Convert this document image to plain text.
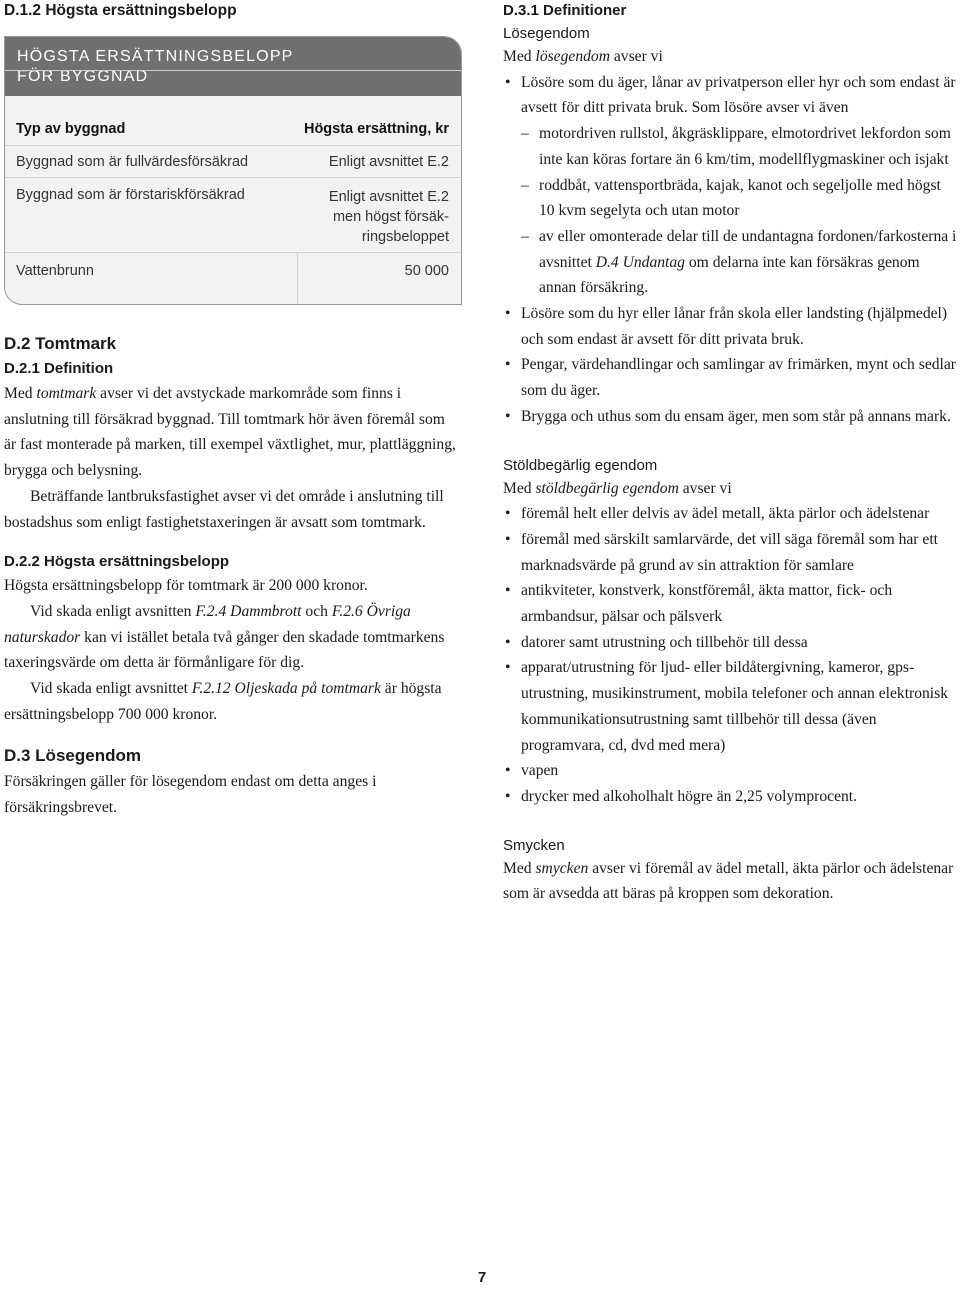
D.1.2 Högsta ersättningsbelopp
HÖGSTA ERSÄTTNINGSBELOPP
FÖR BYGGNAD
Typ av byggnad	Högsta ersättning, kr
Byggnad som är fullvärdesförsäkrad	Enligt avsnittet E.2
Byggnad som är förstariskförsäkrad	Enligt avsnittet E.2
men högst försäk-
ringsbeloppet
Vattenbrunn	50 000
D.2 Tomtmark
D.2.1 Definition

Med tomtmark avser vi det avstyckade markområde som finns i anslutning till försäkrad byggnad. Till tomtmark hör även föremål som är fast monterade på marken, till exempel växtlighet, mur, plattläggning, brygga och belysning.

Beträffande lantbruksfastighet avser vi det område i anslutning till bostadshus som enligt fastighetstaxeringen är avsatt som tomtmark.

D.2.2 Högsta ersättningsbelopp

Högsta ersättningsbelopp för tomtmark är 200 000 kronor.

Vid skada enligt avsnitten F.2.4 Dammbrott och F.2.6 Övriga naturskador kan vi istället betala två gånger den skadade tomtmarkens taxeringsvärde om detta är förmånligare för dig.

Vid skada enligt avsnittet F.2.12 Oljeskada på tomtmark är högsta ersättningsbelopp 700 000 kronor.

D.3 Lösegendom

Försäkringen gäller för lösegendom endast om detta anges i försäkringsbrevet.

D.3.1 Definitioner
Lösegendom

Med lösegendom avser vi

• Lösöre som du äger, lånar av privatperson eller hyr och som endast är avsett för ditt privata bruk. Som lösöre avser vi även
– motordriven rullstol, åkgräsklippare, elmotordrivet lekfordon som inte kan köras fortare än 6 km/tim, modellflygmaskiner och isjakt
– roddbåt, vattensportbräda, kajak, kanot och segeljolle med högst 10 kvm segelyta och utan motor
– av eller omonterade delar till de undantagna fordonen/farkosterna i avsnittet D.4 Undantag om delarna inte kan försäkras genom annan försäkring.
• Lösöre som du hyr eller lånar från skola eller landsting (hjälpmedel) och som endast är avsett för ditt privata bruk.
• Pengar, värdehandlingar och samlingar av frimärken, mynt och sedlar som du äger.
• Brygga och uthus som du ensam äger, men som står på annans mark.
Stöldbegärlig egendom

Med stöldbegärlig egendom avser vi

• föremål helt eller delvis av ädel metall, äkta pärlor och ädelstenar
• föremål med särskilt samlarvärde, det vill säga föremål som har ett marknadsvärde på grund av sin attraktion för samlare
• antikviteter, konstverk, konstföremål, äkta mattor, fick- och armbandsur, pälsar och pälsverk
• datorer samt utrustning och tillbehör till dessa
• apparat/utrustning för ljud- eller bildåtergivning, kameror, gps-utrustning, musikinstrument, mobila telefoner och annan elektronisk kommunikationsutrustning samt tillbehör till dessa (även programvara, cd, dvd med mera)
• vapen
• drycker med alkoholhalt högre än 2,25 volymprocent.
Smycken

Med smycken avser vi föremål av ädel metall, äkta pärlor och ädelstenar som är avsedda att bäras på kroppen som dekoration.

7
